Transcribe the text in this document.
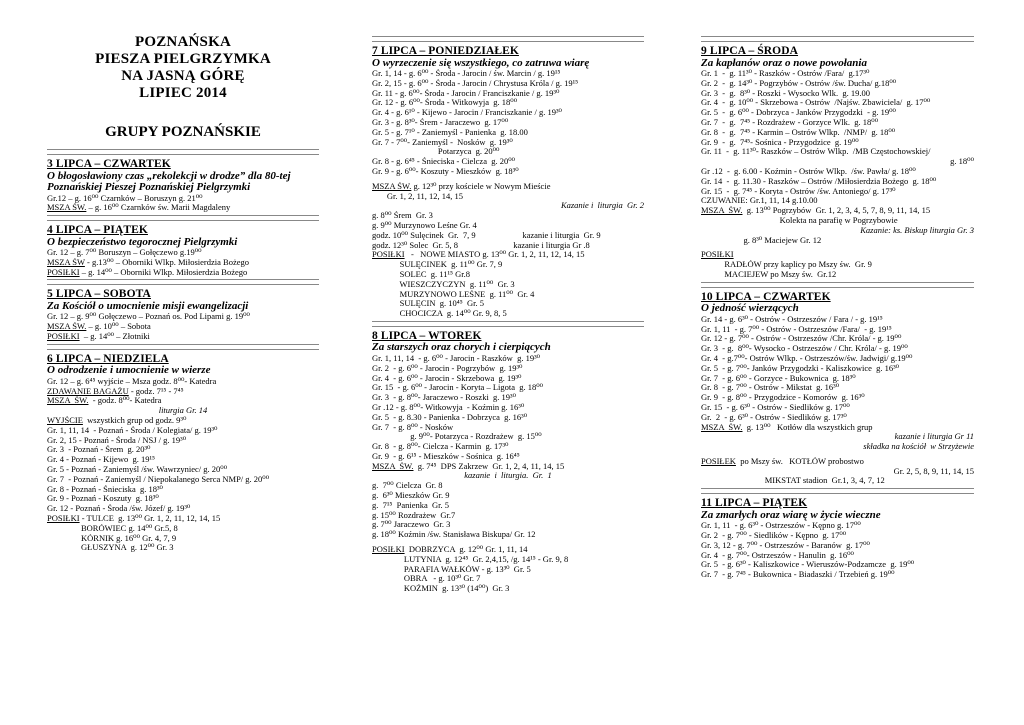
POZNAŃSKA
PIESZA PIELGRZYMKA
NA JASNĄ GÓRĘ
LIPIEC 2014
GRUPY POZNAŃSKIE
3 LIPCA – CZWARTEK
O błogosławiony czas „rekolekcji w drodze” dla 80-tej
Poznańskiej Pieszej Poznańskiej Pielgrzymki
Gr.12 – g. 16⁰⁰ Czarnków – Boruszyn g. 21⁰⁰
MSZA ŚW. – g. 16⁰⁰ Czarnków św. Marii Magdaleny
4 LIPCA – PIĄTEK
O bezpieczeństwo tegorocznej Pielgrzymki
Gr. 12 – g. 7⁰⁰ Boruszyn – Gołęczewo g.19⁰⁰
MSZA ŚW - g.13⁰⁰ – Oborniki Wlkp. Miłosierdzia Bożego
POSIŁKI – g. 14⁰⁰ – Oborniki Wlkp. Miłosierdzia Bożego
5 LIPCA – SOBOTA
Za Kościół o umocnienie misji ewangelizacji
Gr. 12 – g. 9⁰⁰ Gołęczewo – Poznań os. Pod Lipami g. 19⁰⁰
MSZA ŚW. – g. 10⁰⁰ – Sobota
POSIŁKI  – g. 14⁰⁰ – Złotniki
6 LIPCA – NIEDZIELA
O odrodzenie i umocnienie w wierze
Gr. 12 – g. 6⁴⁵ wyjście – Msza godz. 8⁰⁰- Katedra
ZDAWANIE BAGAŻU - godz. 7¹⁵ - 7⁴⁵
MSZA  ŚW.  - godz. 8⁰⁰- Katedra
liturgia Gr. 14
WYJŚCIE  wszystkich grup od godz. 9³⁰
Gr. 1, 11, 14  - Poznań - Środa / Kolegiata/ g. 19³⁰
Gr. 2, 15 - Poznań - Środa / NSJ / g. 19³⁰
Gr. 3  - Poznań - Śrem  g. 20³⁰
Gr. 4 - Poznań - Kijewo  g. 19¹⁵
Gr. 5 - Poznań - Zaniemyśl /św. Wawrzyniec/ g. 20⁰⁰
Gr. 7  - Poznań - Zaniemyśl / Niepokalanego Serca NMP/ g. 20⁰⁰
Gr. 8 - Poznań - Śnieciska  g. 18³⁰
Gr. 9 - Poznań - Koszuty  g. 18³⁰
Gr. 12 - Poznań - Środa /św. Józef/ g. 19³⁰
POSIŁKI - TULCE  g. 13⁰⁰ Gr. 1, 2, 11, 12, 14, 15
BORÓWIEC g. 14⁰⁰ Gr.5, 8
KÓRNIK g. 16⁰⁰ Gr. 4, 7, 9
GŁUSZYNA  g. 12⁰⁰ Gr. 3
7 LIPCA – PONIEDZIAŁEK
O wyrzeczenie się wszystkiego, co zatruwa wiarę
Gr. 1, 14 - g. 6⁰⁰ - Środa - Jarocin / św. Marcin / g. 19¹⁵
Gr. 2, 15 - g. 6⁰⁰ - Środa - Jarocin / Chrystusa Króla / g. 19¹⁵
Gr. 11 - g. 6⁰⁰- Środa - Jarocin / Franciszkanie / g. 19³⁰
Gr. 12 - g. 6⁰⁰- Środa - Witkowyja  g. 18⁰⁰
Gr. 4 - g. 6¹⁰ - Kijewo - Jarocin / Franciszkanie / g. 19³⁰
Gr. 3 - g. 8³⁰- Śrem - Jaraczewo  g. 17⁰⁰
Gr. 5 - g. 7¹⁰ - Zaniemyśl - Panienka  g. 18.00
Gr. 7 - 7⁰⁰- Zaniemyśl -  Nosków  g. 19³⁰
Potarzyca  g. 20⁰⁰
Gr. 8 - g. 6⁴⁵ - Śnieciska - Cielcza  g. 20⁰⁰
Gr. 9 - g. 6⁰⁰- Koszuty - Mieszków  g. 18³⁰
MSZA ŚW. g. 12³⁰ przy kościele w Nowym Mieście
Gr. 1, 2, 11, 12, 14, 15
Kazanie i  liturgia  Gr. 2
g. 8⁰⁰ Śrem  Gr. 3
g. 9⁰⁰ Murzynowo Leśne Gr. 4
godz. 10⁰⁰ Sulęcinek  Gr.  7, 9                      kazanie i liturgia  Gr. 9
godz. 12³⁰ Solec  Gr. 5, 8                          kazanie i liturgia Gr .8
POSIŁKI   -   NOWE MIASTO g. 13⁰⁰ Gr. 1, 2, 11, 12, 14, 15
SULĘCINEK  g. 11⁰⁰ Gr. 7, 9
SOLEC  g. 11¹⁵ Gr.8
WIESZCZYCZYN  g. 11⁰⁰  Gr. 3
MURZYNOWO LEŚNE  g. 11⁰⁰  Gr. 4
SULĘCIN  g. 10⁴⁵  Gr. 5
CHOCICZA  g. 14⁰⁰ Gr. 9, 8, 5
8 LIPCA – WTOREK
Za starszych oraz chorych i cierpiących
Gr. 1, 11, 14  - g. 6⁰⁰ - Jarocin - Raszków  g. 19³⁰
Gr. 2  - g. 6⁰⁰ - Jarocin - Pogrzybów  g. 19³⁰
Gr. 4  - g. 6⁰⁰ - Jarocin - Skrzebowa  g. 19³⁰
Gr. 15  - g. 6⁰⁰ - Jarocin - Koryta – Ligota  g. 18⁰⁰
Gr. 3  - g. 8⁰⁰- Jaraczewo - Roszki  g. 19³⁰
Gr .12 - g. 8⁰⁰- Witkowyja  - Koźmin g. 16³⁰
Gr. 5  - g. 8.30 - Panienka - Dobrzyca  g. 16³⁰
Gr. 7  - g. 8⁰⁰ - Nosków
g. 9⁰⁰- Potarzyca - Rozdrażew  g. 15⁰⁰
Gr. 8  - g. 8⁰⁰- Cielcza - Karmin  g. 17³⁰
Gr. 9  - g. 6¹⁵ - Mieszków - Sośnica  g. 16⁴⁵
MSZA  ŚW.  g. 7⁴⁵  DPS Zakrzew  Gr. 1, 2, 4, 11, 14, 15
kazanie  i  liturgia.  Gr.  1
g.  7⁰⁰ Cielcza  Gr. 8
g.  6³⁰ Mieszków Gr. 9
g.  7¹⁵  Panienka  Gr. 5
g. 15⁰⁰ Rozdrażew  Gr.7
g. 7⁰⁰ Jaraczewo  Gr. 3
g. 18⁰⁰ Koźmin /św. Stanisława Biskupa/ Gr. 12
POSIŁKI  DOBRZYCA  g. 12⁰⁰ Gr. 1, 11, 14
LUTYNIA  g. 12⁴⁵  Gr. 2,4,15, /g. 14¹⁵ - Gr. 9, 8
PARAFIA WAŁKÓW - g. 13³⁰  Gr. 5
OBRA   - g. 10³⁰ Gr. 7
KOŹMIN  g. 13³⁰ (14⁰⁰)  Gr. 3
9 LIPCA – ŚRODA
Za kapłanów oraz o nowe powołania
Gr. 1  -  g. 11³⁰ - Raszków - Ostrów /Fara/  g.17³⁰
Gr. 2  -  g. 14³⁰ - Pogrzybów - Ostrów /św. Ducha/ g.18⁰⁰
Gr. 3  -  g.  8³⁰ - Roszki - Wysocko Wlk.  g. 19.00
Gr. 4  -  g. 10⁰⁰ - Skrzebowa - Ostrów  /Najśw. Zbawiciela/  g. 17⁰⁰
Gr. 5  -  g. 6⁰⁰ - Dobrzyca - Janków Przygodzki  - g. 19⁰⁰
Gr. 7  -  g.  7⁴⁵ - Rozdrażew - Gorzyce Wlk.  g. 18⁰⁰
Gr. 8  -  g.  7⁴⁵ - Karmin – Ostrów Wlkp.  /NMP/  g. 18⁰⁰
Gr. 9  -  g.  7⁴⁵- Sośnica - Przygodzice  g. 19⁰⁰
Gr. 11  -  g. 11³⁰- Raszków – Ostrów Wlkp.  /MB Częstochowskiej/
g. 18⁰⁰
Gr .12  -  g. 6.00 - Koźmin - Ostrów Wlkp.  /św. Pawła/ g. 18⁰⁰
Gr. 14  -  g. 11.30 - Raszków – Ostrów /Miłosierdzia Bożego  g. 18⁰⁰
Gr. 15  -  g. 7⁴⁵ - Koryta - Ostrów /św. Antoniego/ g. 17³⁰
CZUWANIE: Gr.1, 11, 14 g.10.00
MSZA  ŚW.  g. 13⁰⁰ Pogrzybów  Gr. 1, 2, 3, 4, 5, 7, 8, 9, 11, 14, 15
Kolekta na parafię w Pogrzybowie
Kazanie: ks. Biskup liturgia Gr. 3
g. 8³⁰ Maciejew Gr. 12
POSIŁKI
RADŁÓW przy kaplicy po Mszy św.  Gr. 9
MACIEJEW po Mszy św.  Gr.12
10 LIPCA – CZWARTEK
O jedność wierzących
Gr. 14 - g. 6³⁰ - Ostrów - Ostrzeszów / Fara / - g. 19¹⁵
Gr. 1, 11  - g. 7⁰⁰ - Ostrów - Ostrzeszów /Fara/  - g. 19¹⁵
Gr. 12 - g. 7⁰⁰ - Ostrów - Ostrzeszów /Chr. Króla/ - g. 19⁰⁰
Gr. 3  - g.  8⁰⁰- Wysocko - Ostrzeszów / Chr. Króla/ - g. 19⁰⁰
Gr. 4  - g.7⁰⁰- Ostrów Wlkp. - Ostrzeszów/św. Jadwigi/ g.19⁰⁰
Gr. 5  - g. 7⁰⁰- Janków Przygodzki - Kaliszkowice  g. 16³⁰
Gr. 7  - g. 6⁰⁰ - Gorzyce - Bukownica  g. 18³⁰
Gr. 8  - g. 7⁰⁰ - Ostrów - Mikstat  g. 16³⁰
Gr. 9  - g. 8⁰⁰ - Przygodzice - Komorów  g. 16³⁰
Gr. 15  - g. 6³⁰ - Ostrów - Siedlików g. 17⁰⁰
Gr.  2  - g. 6³⁰ - Ostrów - Siedlików g. 17³⁰
MSZA  ŚW.  g. 13⁰⁰   Kotłów dla wszystkich grup
kazanie i liturgia Gr 11
składka na kościół  w Strzyżewie
POSIŁEK  po Mszy św.   KOTŁÓW probostwo
Gr. 2, 5, 8, 9, 11, 14, 15
MIKSTAT stadion  Gr.1, 3, 4, 7, 12
11 LIPCA – PIĄTEK
Za zmarłych oraz wiarę w życie wieczne
Gr. 1, 11  - g. 6³⁰ - Ostrzeszów - Kępno g. 17⁰⁰
Gr. 2  - g. 7⁰⁰ - Siedlików - Kępno  g. 17⁰⁰
Gr. 3, 12 - g. 7⁰⁰ - Ostrzeszów - Baranów  g. 17⁰⁰
Gr. 4  - g. 7⁰⁰- Ostrzeszów - Hanulin  g. 16⁰⁰
Gr. 5  - g. 6³⁰ - Kaliszkowice - Wieruszów-Podzamcze  g. 19⁰⁰
Gr. 7  - g. 7⁴⁵ - Bukownica - Biadaszki / Trzebień g. 19⁰⁰
